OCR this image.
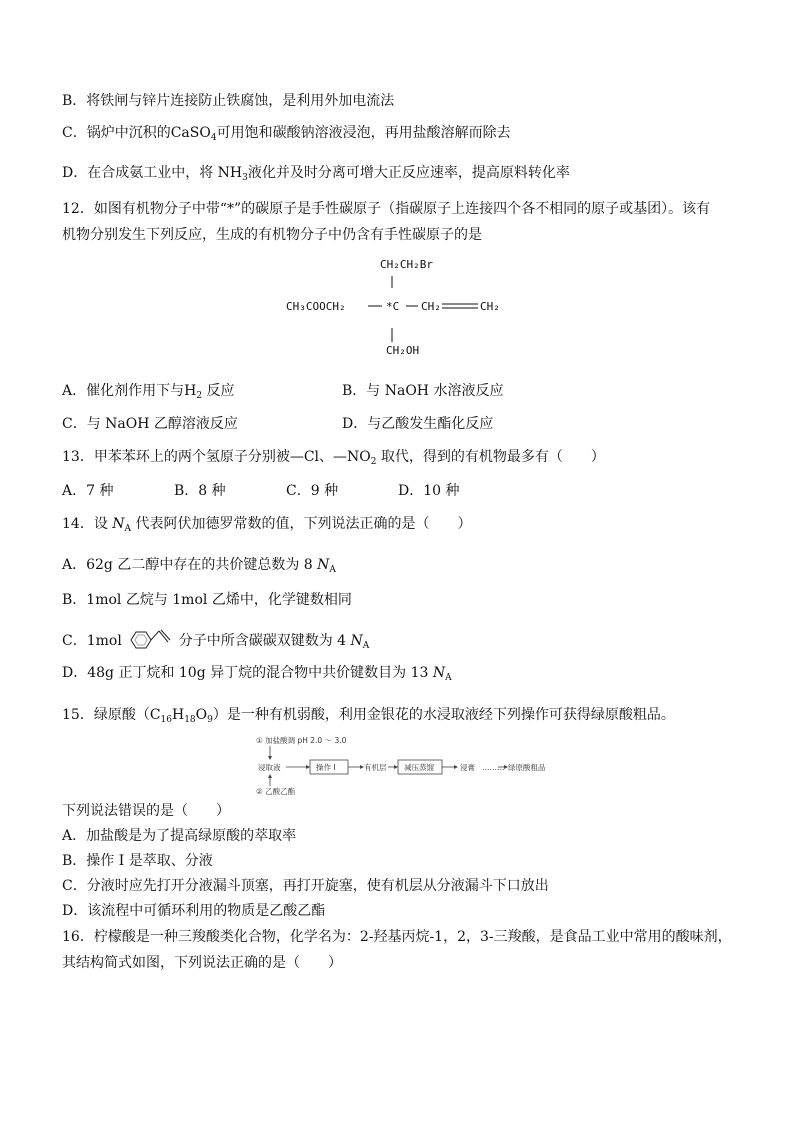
B．将铁闸与锌片连接防止铁腐蚀，是利用外加电流法
C．锅炉中沉积的CaSO$_4$可用饱和碳酸钠溶液浸泡，再用盐酸溶解而除去
D．在合成氨工业中，将 $NH_3$液化并及时分离可增大正反应速率，提高原料转化率
12．如图有机物分子中带“*”的碳原子是手性碳原子（指碳原子上连接四个各不相同的原子或基团）。该有
机物分别发生下列反应，生成的有机物分子中仍含有手性碳原子的是
CH₂CH₂Br
CH₃COOCH₂	*C CH₂	CH₂
CH₂OH
A．催化剂作用下与$H_2$ 反应	B．与 NaOH 水溶液反应
C．与 NaOH 乙醇溶液反应	D．与乙酸发生酯化反应
13．甲苯苯环上的两个氢原子分别被—Cl、$—NO_2$ 取代，得到的有机物最多有（　　）
A．7 种	B．8 种	C．9 种	D．10 种
14．设 $N_A$ 代表阿伏加德罗常数的值，下列说法正确的是（　　）
A．62g 乙二醇中存在的共价键总数为 8 $N_A$
B．1mol 乙烷与 1mol 乙烯中，化学键数相同
C．1mol	分子中所含碳碳双键数为 4 $N_A$
D．48g 正丁烷和 10g 异丁烷的混合物中共价键数目为 13 $N_A$
15．绿原酸$(C_{16}H_{18}O_9)$是一种有机弱酸，利用金银花的水浸取液经下列操作可获得绿原酸粗品。
① 加盐酸调 pH 2.0 ～ 3.0
浸取液	操作 Ⅰ	有机层 减压蒸馏	浸膏 ……… 绿原酸粗品
② 乙酸乙酯
下列说法错误的是（　　）
A．加盐酸是为了提高绿原酸的萃取率
B．操作 I 是萃取、分液
C．分液时应先打开分液漏斗顶塞，再打开旋塞，使有机层从分液漏斗下口放出
D．该流程中可循环利用的物质是乙酸乙酯
16．柠檬酸是一种三羧酸类化合物，化学名为：2-羟基丙烷-1，2，3-三羧酸，是食品工业中常用的酸味剂，
其结构简式如图，下列说法正确的是（　　）
